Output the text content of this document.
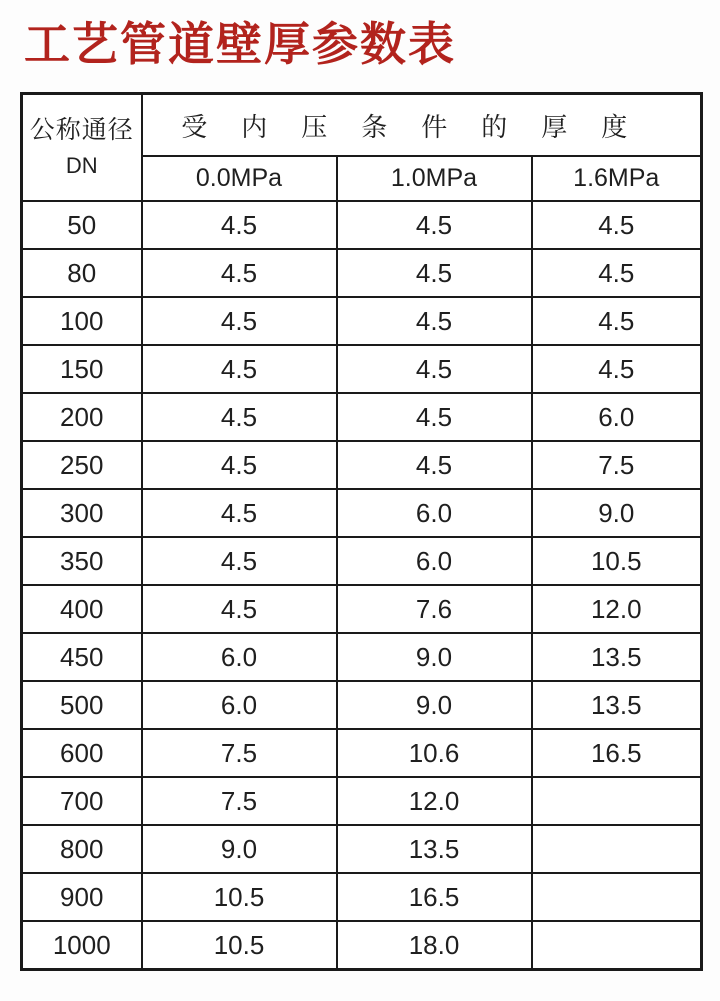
工艺管道壁厚参数表
公称通径
DN	受内压条件的厚度		
	0.0MPa	1.0MPa	1.6MPa
50	4.5	4.5	4.5
80	4.5	4.5	4.5
100	4.5	4.5	4.5
150	4.5	4.5	4.5
200	4.5	4.5	6.0
250	4.5	4.5	7.5
300	4.5	6.0	9.0
350	4.5	6.0	10.5
400	4.5	7.6	12.0
450	6.0	9.0	13.5
500	6.0	9.0	13.5
600	7.5	10.6	16.5
700	7.5	12.0	
800	9.0	13.5	
900	10.5	16.5	
1000	10.5	18.0	
